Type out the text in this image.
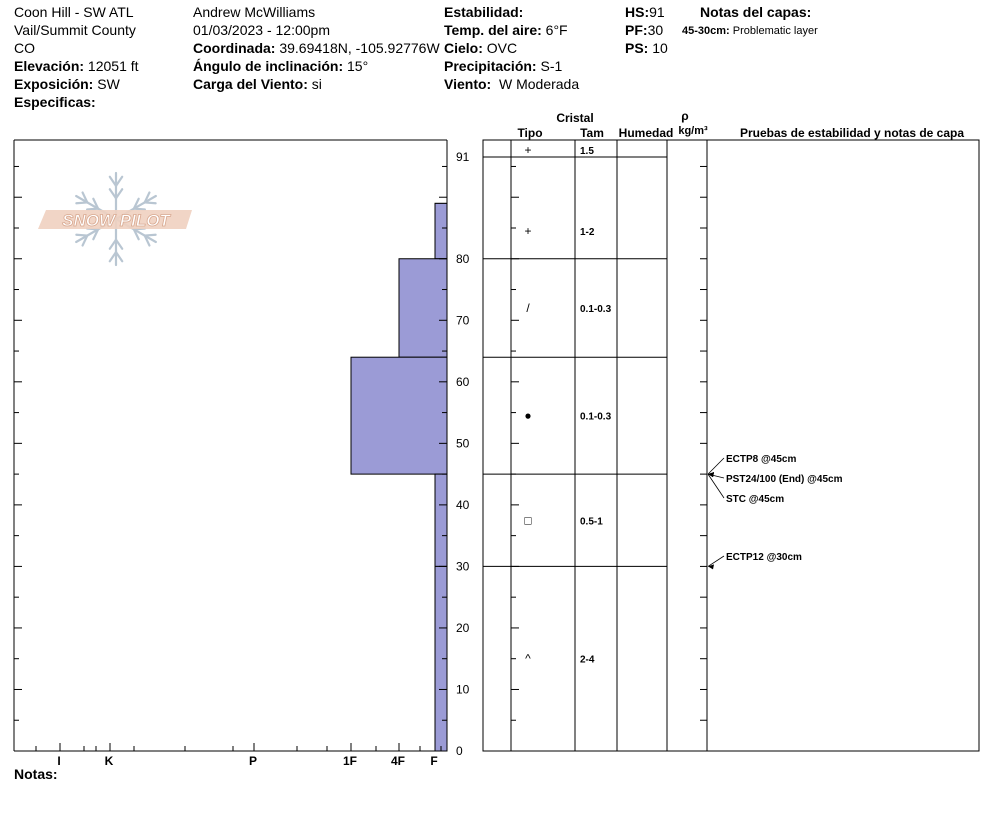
Coon Hill - SW ATL
Vail/Summit County
CO
Elevación: 12051 ft
Exposición: SW
Especificas:
Andrew McWilliams
01/03/2023 - 12:00pm
Coordinada: 39.69418N, -105.92776W
Ángulo de inclinación: 15°
Carga del Viento: si
Estabilidad:
Temp. del aire: 6°F
Cielo: OVC
Precipitación: S-1
Viento: W Moderada
HS:91
PF:30
PS: 10
Notas del capas:
45-30cm: Problematic layer
Notas:
SNOW PILOT
0
10
20
30
40
50
60
70
80
91
I	K	P	1F	4F F
+	1.5
+	1-2
/	0.1-0.3
●	0.1-0.3
□	0.5-1
^	2-4
ECTP8 @45cm
PST24/100 (End) @45cm
STC @45cm
ECTP12 @30cm
Cristal
Tipo	Tam Humedad
ρ
kg/m³	Pruebas de estabilidad y notas de capa
